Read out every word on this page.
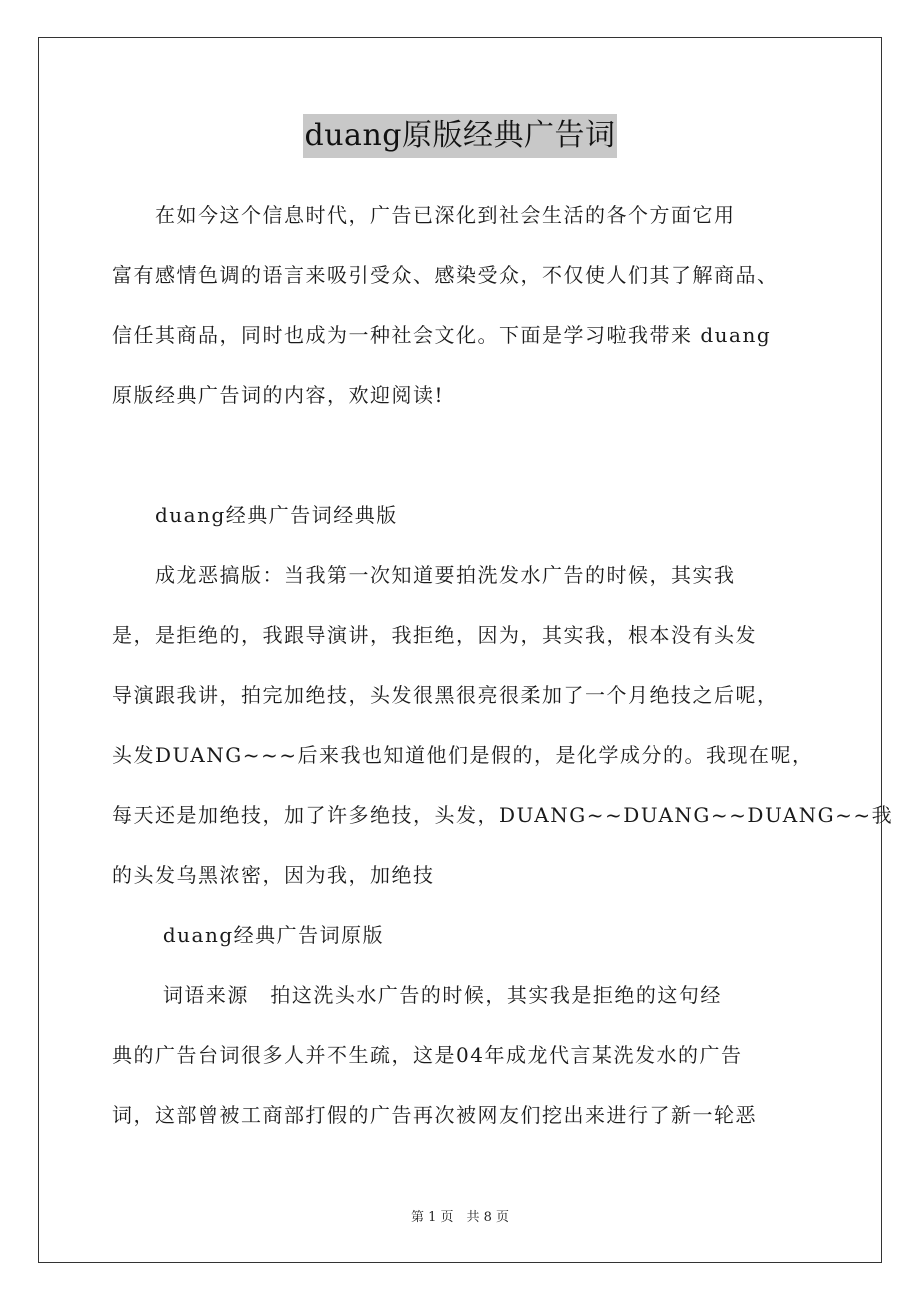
duang原版经典广告词
　　在如今这个信息时代，广告已深化到社会生活的各个方面它用
富有感情色调的语言来吸引受众、感染受众，不仅使人们其了解商品、
信任其商品，同时也成为一种社会文化。下面是学习啦我带来 duang
原版经典广告词的内容，欢迎阅读!
　　duang经典广告词经典版
　　成龙恶搞版：当我第一次知道要拍洗发水广告的时候，其实我
是，是拒绝的，我跟导演讲，我拒绝，因为，其实我，根本没有头发
导演跟我讲，拍完加绝技，头发很黑很亮很柔加了一个月绝技之后呢，
头发DUANG~~~后来我也知道他们是假的，是化学成分的。我现在呢，
每天还是加绝技，加了许多绝技，头发，DUANG~~DUANG~~DUANG~~我
的头发乌黑浓密，因为我，加绝技
　　 duang经典广告词原版
　　 词语来源　拍这洗头水广告的时候，其实我是拒绝的这句经
典的广告台词很多人并不生疏，这是04年成龙代言某洗发水的广告
词，这部曾被工商部打假的广告再次被网友们挖出来进行了新一轮恶
第 1 页　共 8 页
